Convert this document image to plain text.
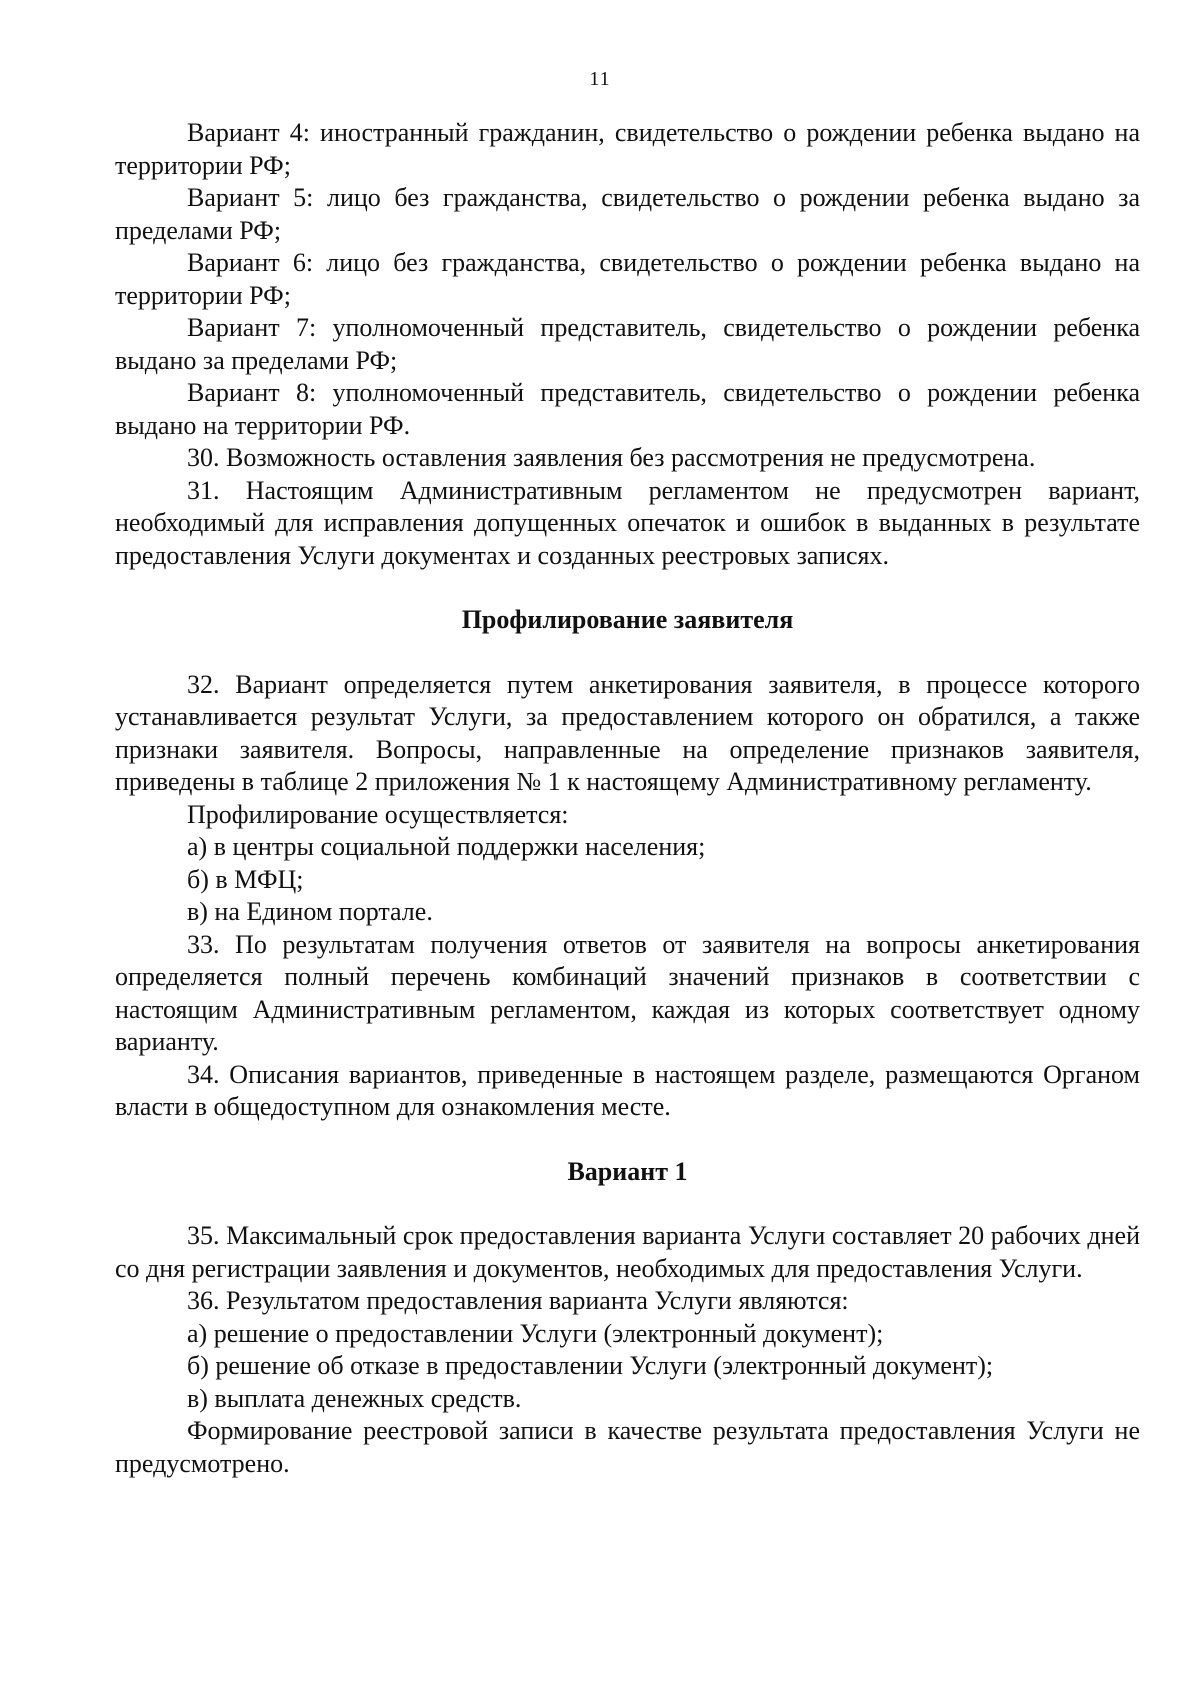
11

Вариант 4: иностранный гражданин, свидетельство о рождении ребенка выдано на территории РФ;

Вариант 5: лицо без гражданства, свидетельство о рождении ребенка выдано за пределами РФ;

Вариант 6: лицо без гражданства, свидетельство о рождении ребенка выдано на территории РФ;

Вариант 7: уполномоченный представитель, свидетельство о рождении ребенка выдано за пределами РФ;

Вариант 8: уполномоченный представитель, свидетельство о рождении ребенка выдано на территории РФ.

30. Возможность оставления заявления без рассмотрения не предусмотрена.

31. Настоящим Административным регламентом не предусмотрен вариант, необходимый для исправления допущенных опечаток и ошибок в выданных в результате предоставления Услуги документах и созданных реестровых записях.

Профилирование заявителя

32. Вариант определяется путем анкетирования заявителя, в процессе которого устанавливается результат Услуги, за предоставлением которого он обратился, а также признаки заявителя. Вопросы, направленные на определение признаков заявителя, приведены в таблице 2 приложения № 1 к настоящему Административному регламенту.

Профилирование осуществляется:

а) в центры социальной поддержки населения;

б) в МФЦ;

в) на Едином портале.

33. По результатам получения ответов от заявителя на вопросы анкетирования определяется полный перечень комбинаций значений признаков в соответствии с настоящим Административным регламентом, каждая из которых соответствует одному варианту.

34. Описания вариантов, приведенные в настоящем разделе, размещаются Органом власти в общедоступном для ознакомления месте.

Вариант 1

35. Максимальный срок предоставления варианта Услуги составляет 20 рабочих дней со дня регистрации заявления и документов, необходимых для предоставления Услуги.

36. Результатом предоставления варианта Услуги являются:

а) решение о предоставлении Услуги (электронный документ);

б) решение об отказе в предоставлении Услуги (электронный документ);

в) выплата денежных средств.

Формирование реестровой записи в качестве результата предоставления Услуги не предусмотрено.
